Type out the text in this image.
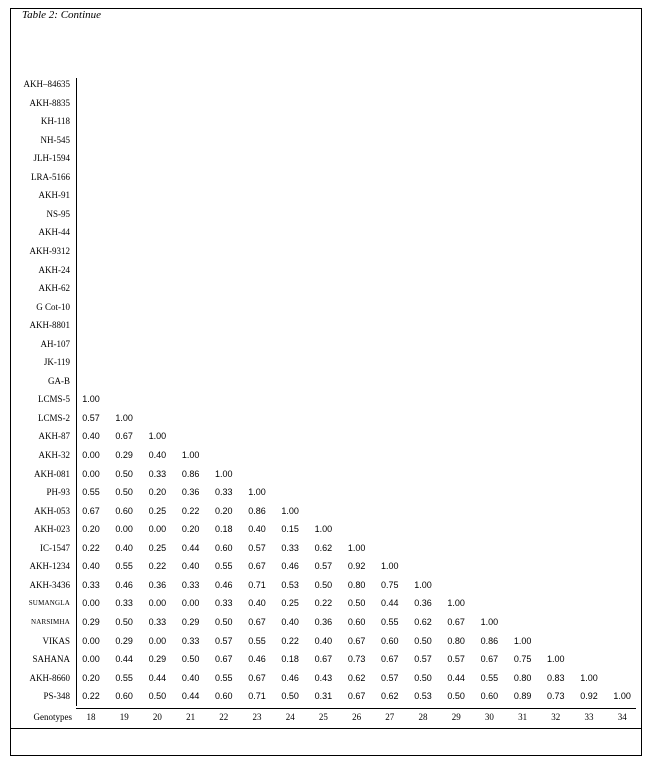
Table 2: Continue
Genotypes
AKH–84635
AKH-8835
KH-118
NH-545
JLH-1594
LRA-5166
AKH-91
NS-95
AKH-44
AKH-9312
AKH-24
AKH-62
G Cot-10
AKH-8801
AH-107
JK-119
GA-B
LCMS-5	1.00
LCMS-2	0.57	1.00
AKH-87	0.40	0.67	1.00
AKH-32	0.00	0.29	0.40	1.00
AKH-081	0.00	0.50	0.33	0.86	1.00
PH-93	0.55	0.50	0.20	0.36	0.33	1.00
AKH-053	0.67	0.60	0.25	0.22	0.20	0.86	1.00
AKH-023	0.20	0.00	0.00	0.20	0.18	0.40	0.15	1.00
IC-1547	0.22	0.40	0.25	0.44	0.60	0.57	0.33	0.62	1.00
AKH-1234	0.40	0.55	0.22	0.40	0.55	0.67	0.46	0.57	0.92	1.00
AKH-3436	0.33	0.46	0.36	0.33	0.46	0.71	0.53	0.50	0.80	0.75	1.00
SUMANGLA	0.00	0.33	0.00	0.00	0.33	0.40	0.25	0.22	0.50	0.44	0.36	1.00
NARSIMHA	0.29	0.50	0.33	0.29	0.50	0.67	0.40	0.36	0.60	0.55	0.62	0.67	1.00
VIKAS	0.00	0.29	0.00	0.33	0.57	0.55	0.22	0.40	0.67	0.60	0.50	0.80	0.86	1.00
SAHANA	0.00	0.44	0.29	0.50	0.67	0.46	0.18	0.67	0.73	0.67	0.57	0.57	0.67	0.75	1.00
AKH-8660	0.20	0.55	0.44	0.40	0.55	0.67	0.46	0.43	0.62	0.57	0.50	0.44	0.55	0.80	0.83	1.00
PS-348	0.22	0.60	0.50	0.44	0.60	0.71	0.50	0.31	0.67	0.62	0.53	0.50	0.60	0.89	0.73	0.92	1.00
18	19	20	21	22	23	24	25	26	27	28	29	30	31	32	33	34
